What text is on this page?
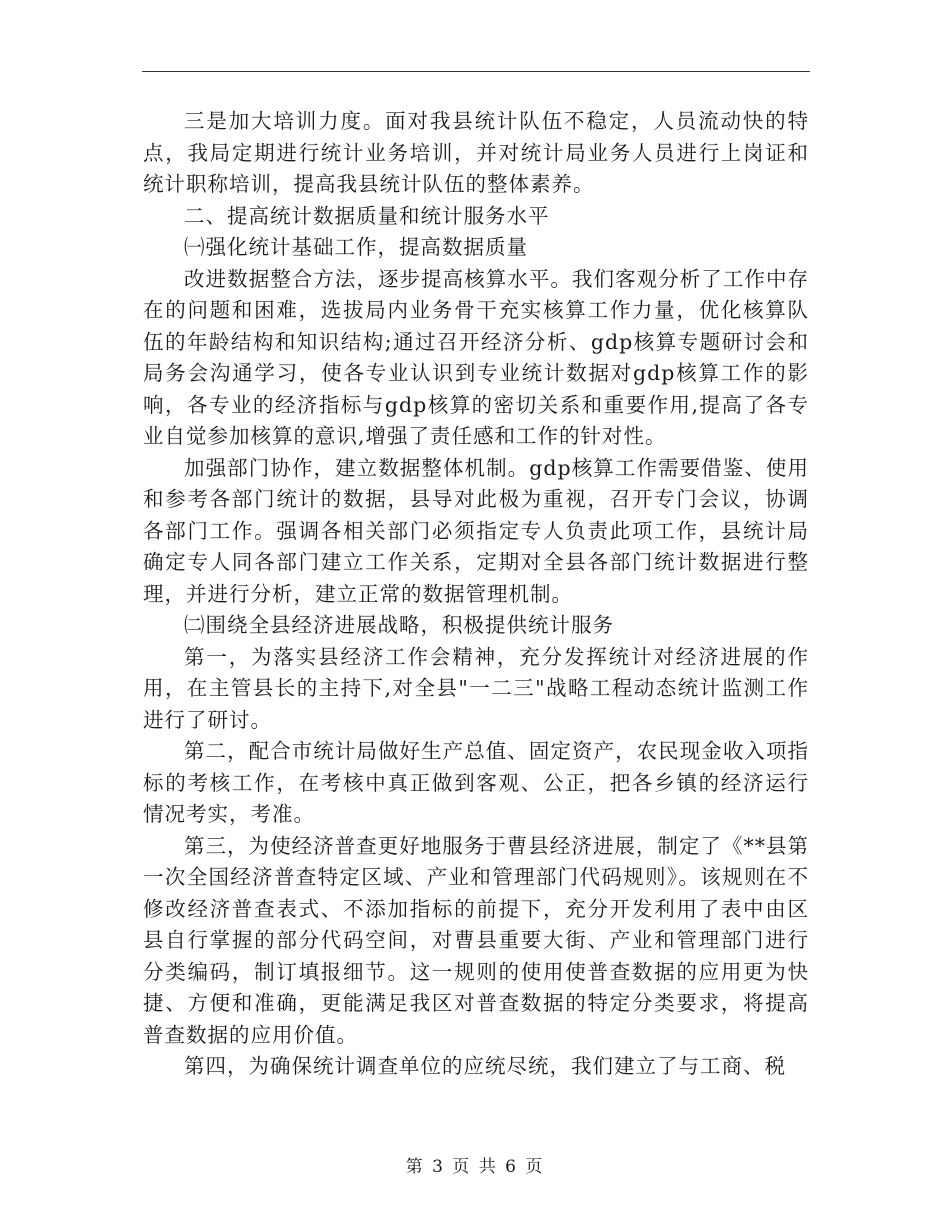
三是加大培训力度。面对我县统计队伍不稳定，人员流动快的特点，我局定期进行统计业务培训，并对统计局业务人员进行上岗证和统计职称培训，提高我县统计队伍的整体素养。

二、提高统计数据质量和统计服务水平

㈠强化统计基础工作，提高数据质量

改进数据整合方法，逐步提高核算水平。我们客观分析了工作中存在的问题和困难，选拔局内业务骨干充实核算工作力量，优化核算队伍的年龄结构和知识结构;通过召开经济分析、gdp核算专题研讨会和局务会沟通学习，使各专业认识到专业统计数据对gdp核算工作的影响，各专业的经济指标与gdp核算的密切关系和重要作用,提高了各专业自觉参加核算的意识,增强了责任感和工作的针对性。

加强部门协作，建立数据整体机制。gdp核算工作需要借鉴、使用和参考各部门统计的数据，县导对此极为重视，召开专门会议，协调各部门工作。强调各相关部门必须指定专人负责此项工作，县统计局确定专人同各部门建立工作关系，定期对全县各部门统计数据进行整理，并进行分析，建立正常的数据管理机制。

㈡围绕全县经济进展战略，积极提供统计服务

第一，为落实县经济工作会精神，充分发挥统计对经济进展的作用，在主管县长的主持下,对全县"一二三"战略工程动态统计监测工作进行了研讨。

第二，配合市统计局做好生产总值、固定资产，农民现金收入项指标的考核工作，在考核中真正做到客观、公正，把各乡镇的经济运行情况考实，考准。

第三，为使经济普查更好地服务于曹县经济进展，制定了《**县第一次全国经济普查特定区域、产业和管理部门代码规则》。该规则在不修改经济普查表式、不添加指标的前提下，充分开发利用了表中由区县自行掌握的部分代码空间，对曹县重要大街、产业和管理部门进行分类编码，制订填报细节。这一规则的使用使普查数据的应用更为快捷、方便和准确，更能满足我区对普查数据的特定分类要求，将提高普查数据的应用价值。

第四，为确保统计调查单位的应统尽统，我们建立了与工商、税

第 3 页 共 6 页
